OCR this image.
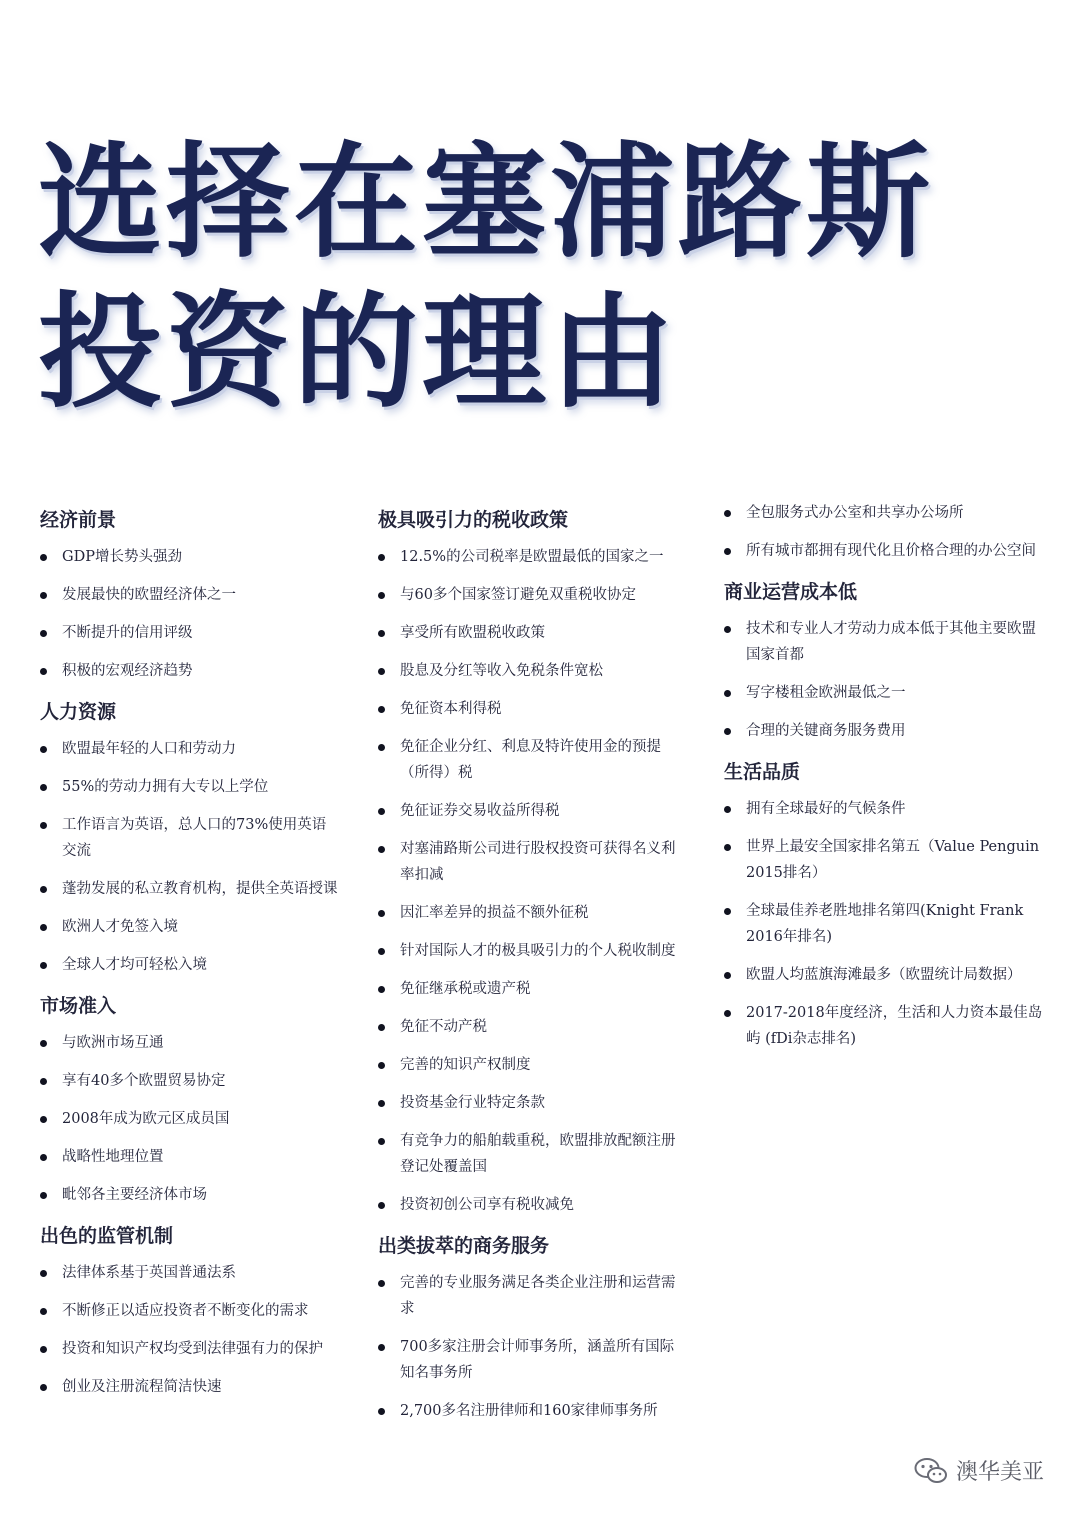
选择在塞浦路斯
投资的理由
经济前景
GDP增长势头强劲
发展最快的欧盟经济体之一
不断提升的信用评级
积极的宏观经济趋势
人力资源
欧盟最年轻的人口和劳动力
55%的劳动力拥有大专以上学位
工作语言为英语，总人口的73%使用英语交流
蓬勃发展的私立教育机构，提供全英语授课
欧洲人才免签入境
全球人才均可轻松入境
市场准入
与欧洲市场互通
享有40多个欧盟贸易协定
2008年成为欧元区成员国
战略性地理位置
毗邻各主要经济体市场
出色的监管机制
法律体系基于英国普通法系
不断修正以适应投资者不断变化的需求
投资和知识产权均受到法律强有力的保护
创业及注册流程简洁快速
极具吸引力的税收政策
12.5%的公司税率是欧盟最低的国家之一
与60多个国家签订避免双重税收协定
享受所有欧盟税收政策
股息及分红等收入免税条件宽松
免征资本利得税
免征企业分红、利息及特许使用金的预提（所得）税
免征证券交易收益所得税
对塞浦路斯公司进行股权投资可获得名义利率扣减
因汇率差异的损益不额外征税
针对国际人才的极具吸引力的个人税收制度
免征继承税或遗产税
免征不动产税
完善的知识产权制度
投资基金行业特定条款
有竞争力的船舶载重税，欧盟排放配额注册登记处覆盖国
投资初创公司享有税收减免
出类拔萃的商务服务
完善的专业服务满足各类企业注册和运营需求
700多家注册会计师事务所，涵盖所有国际知名事务所
2,700多名注册律师和160家律师事务所
全包服务式办公室和共享办公场所
所有城市都拥有现代化且价格合理的办公空间
商业运营成本低
技术和专业人才劳动力成本低于其他主要欧盟国家首都
写字楼租金欧洲最低之一
合理的关键商务服务费用
生活品质
拥有全球最好的气候条件
世界上最安全国家排名第五（Value Penguin 2015排名）
全球最佳养老胜地排名第四(Knight Frank 2016年排名)
欧盟人均蓝旗海滩最多（欧盟统计局数据）
2017-2018年度经济，生活和人力资本最佳岛屿 (fDi杂志排名)
澳华美亚
